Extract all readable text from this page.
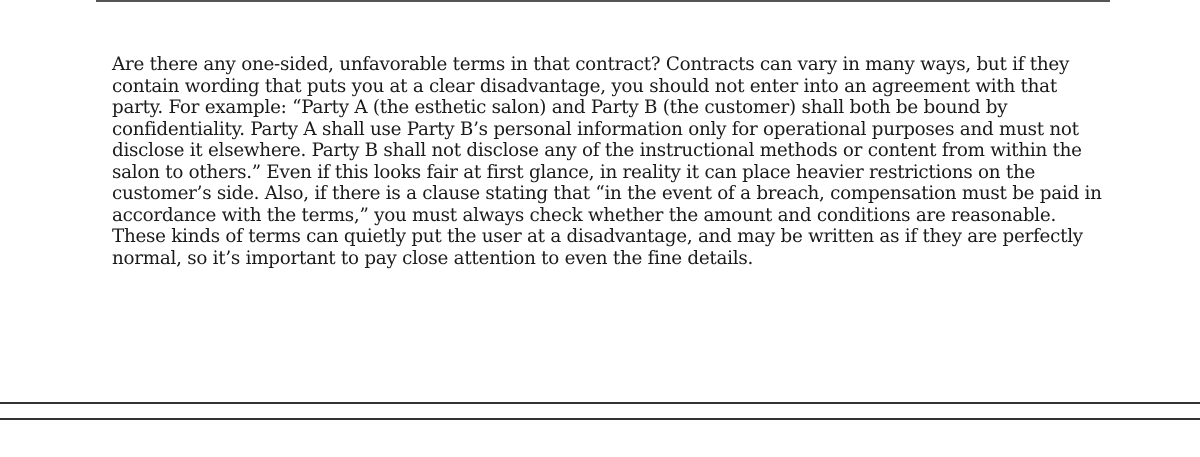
Are there any one-sided, unfavorable terms in that contract? Contracts can vary in many ways, but if they contain wording that puts you at a clear disadvantage, you should not enter into an agreement with that party. For example: “Party A (the esthetic salon) and Party B (the customer) shall both be bound by confidentiality. Party A shall use Party B’s personal information only for operational purposes and must not disclose it elsewhere. Party B shall not disclose any of the instructional methods or content from within the salon to others.” Even if this looks fair at first glance, in reality it can place heavier restrictions on the customer’s side. Also, if there is a clause stating that “in the event of a breach, compensation must be paid in accordance with the terms,” you must always check whether the amount and conditions are reasonable. These kinds of terms can quietly put the user at a disadvantage, and may be written as if they are perfectly normal, so it’s important to pay close attention to even the fine details.
